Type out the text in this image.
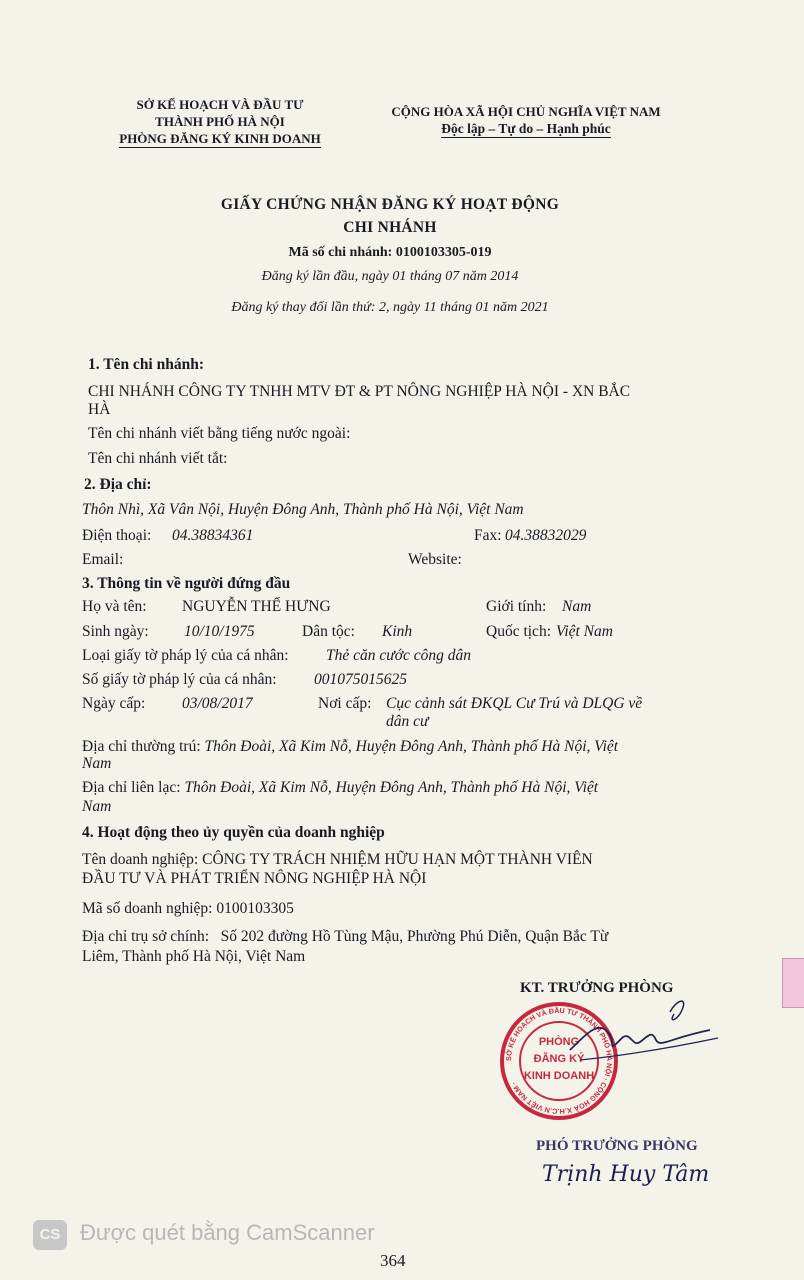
SỞ KẾ HOẠCH VÀ ĐẦU TƯ
THÀNH PHỐ HÀ NỘI
PHÒNG ĐĂNG KÝ KINH DOANH
CỘNG HÒA XÃ HỘI CHỦ NGHĨA VIỆT NAM
Độc lập – Tự do – Hạnh phúc
GIẤY CHỨNG NHẬN ĐĂNG KÝ HOẠT ĐỘNG
CHI NHÁNH
Mã số chi nhánh: 0100103305-019
Đăng ký lần đầu, ngày 01 tháng 07 năm 2014
Đăng ký thay đổi lần thứ: 2, ngày 11 tháng 01 năm 2021
1. Tên chi nhánh:
CHI NHÁNH CÔNG TY TNHH MTV ĐT & PT NÔNG NGHIỆP HÀ NỘI - XN BẮC
HÀ
Tên chi nhánh viết bằng tiếng nước ngoài:
Tên chi nhánh viết tắt:
2. Địa chỉ:
Thôn Nhì, Xã Vân Nội, Huyện Đông Anh, Thành phố Hà Nội, Việt Nam
Điện thoại: 04.38834361	Fax: 04.38832029
Email:	Website:
3. Thông tin về người đứng đầu
Họ và tên: NGUYỄN THẾ HƯNG	Giới tính: Nam
Sinh ngày: 10/10/1975	Dân tộc: Kinh	Quốc tịch: Việt Nam
Loại giấy tờ pháp lý của cá nhân: Thẻ căn cước công dân
Số giấy tờ pháp lý của cá nhân: 001075015625
Ngày cấp: 03/08/2017	Nơi cấp: Cục cảnh sát ĐKQL Cư Trú và DLQG về
dân cư
Địa chỉ thường trú: Thôn Đoài, Xã Kim Nỗ, Huyện Đông Anh, Thành phố Hà Nội, Việt
Nam
Địa chỉ liên lạc: Thôn Đoài, Xã Kim Nỗ, Huyện Đông Anh, Thành phố Hà Nội, Việt
Nam
4. Hoạt động theo ủy quyền của doanh nghiệp
Tên doanh nghiệp: CÔNG TY TRÁCH NHIỆM HỮU HẠN MỘT THÀNH VIÊN
ĐẦU TƯ VÀ PHÁT TRIỂN NÔNG NGHIỆP HÀ NỘI
Mã số doanh nghiệp: 0100103305
Địa chỉ trụ sở chính:   Số 202 đường Hồ Tùng Mậu, Phường Phú Diễn, Quận Bắc Từ
Liêm, Thành phố Hà Nội, Việt Nam
KT. TRƯỞNG PHÒNG
SỞ KẾ HOẠCH VÀ ĐẦU TƯ THÀNH PHỐ HÀ NỘI · CỘNG HOÀ X.H.C.N VIỆT NAM ·
PHÒNG
ĐĂNG KÝ
KINH DOANH
PHÓ TRƯỞNG PHÒNG
Trịnh Huy Tâm
CS Được quét bằng CamScanner
364
